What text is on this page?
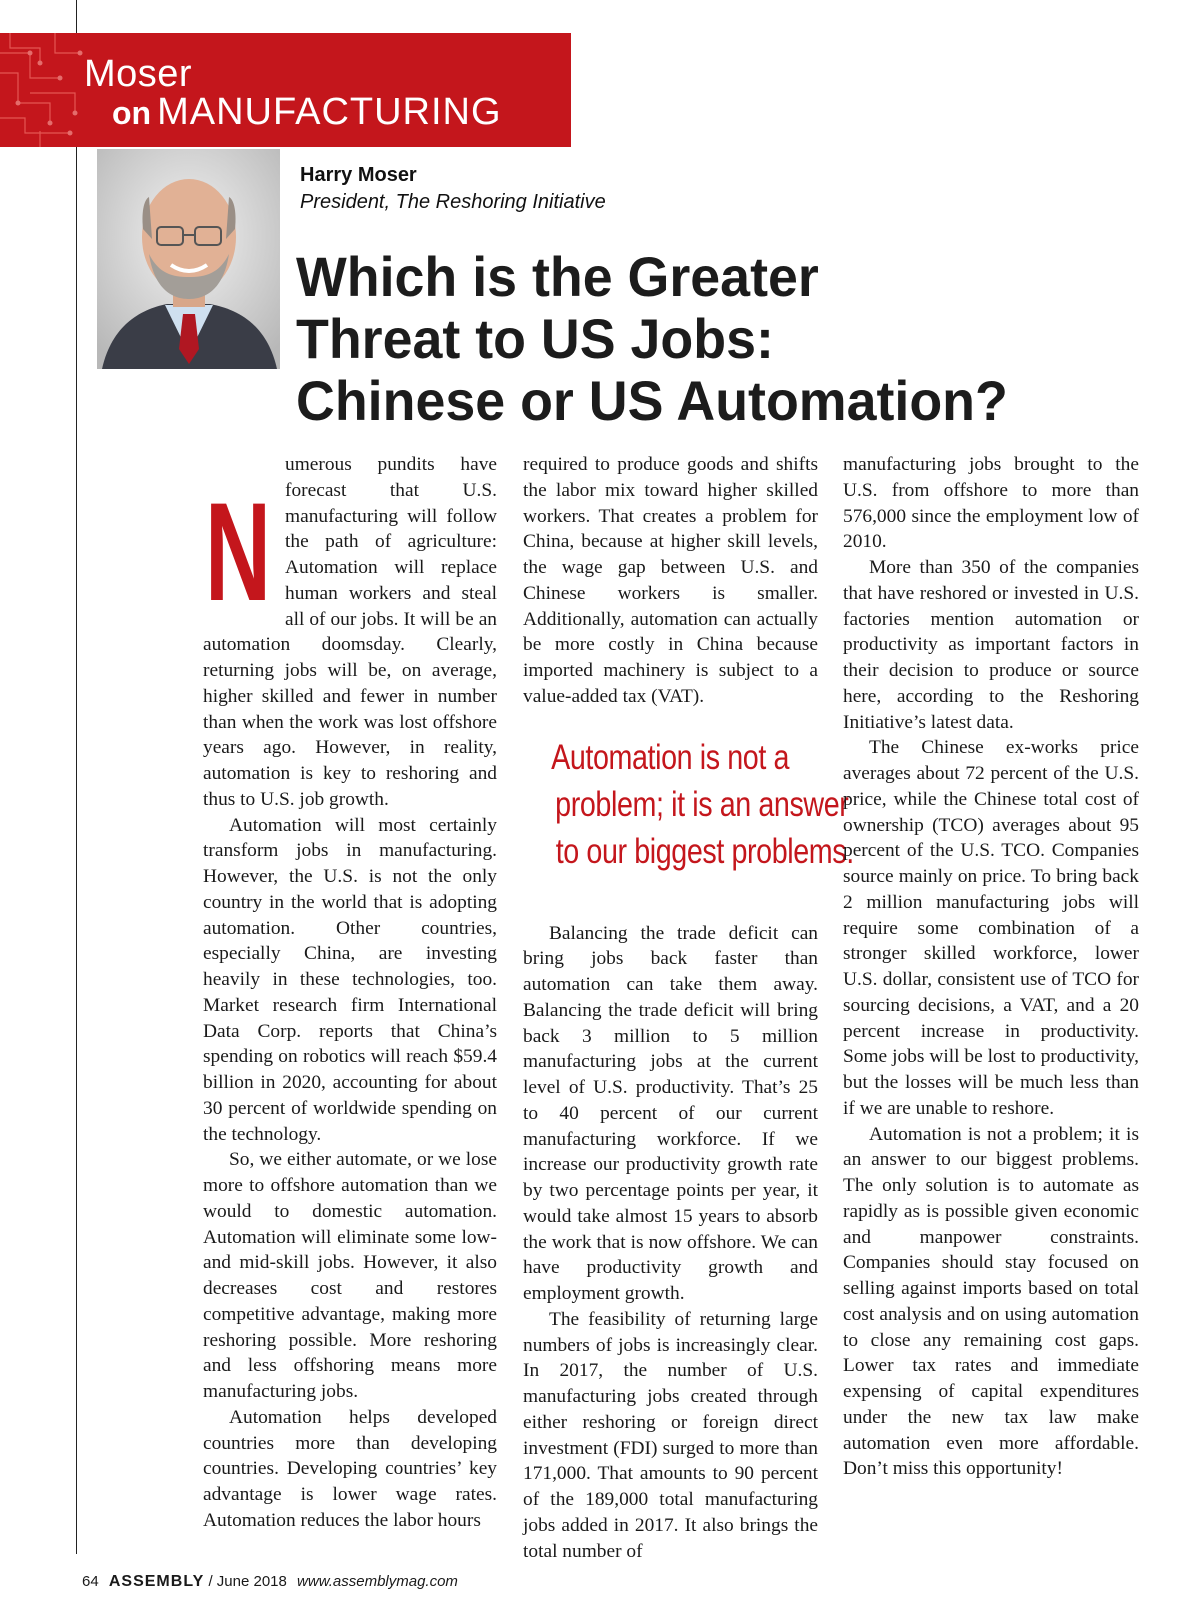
Moser
on MANUFACTURING
Harry Moser
President, The Reshoring Initiative
Which is the Greater
Threat to US Jobs:
Chinese or US Automation?
N

umerous pundits have forecast that U.S. manufacturing will follow the path of agriculture: Automation will replace human workers and steal all of our jobs. It will be an automation doomsday. Clearly, returning jobs will be, on average, higher skilled and fewer in number than when the work was lost offshore years ago. However, in reality, automation is key to reshoring and thus to U.S. job growth.

Automation will most certainly transform jobs in manufacturing. However, the U.S. is not the only country in the world that is adopting automation. Other countries, especially China, are investing heavily in these technologies, too. Market research firm International Data Corp. reports that China’s spending on robotics will reach $59.4 billion in 2020, accounting for about 30 percent of worldwide spending on the technology.

So, we either automate, or we lose more to offshore automation than we would to domestic automation. Automation will eliminate some low- and mid-skill jobs. However, it also decreases cost and restores competitive advantage, making more reshoring possible. More reshoring and less offshoring means more manufacturing jobs.

Automation helps developed countries more than developing countries. Developing countries’ key advantage is lower wage rates. Automation reduces the labor hours

required to produce goods and shifts the labor mix toward higher skilled workers. That creates a problem for China, because at higher skill levels, the wage gap between U.S. and Chinese workers is smaller. Additionally, automation can actually be more costly in China because imported machinery is subject to a value-added tax (VAT).

Automation is not a
problem; it is an answer
to our biggest problems.

Balancing the trade deficit can bring jobs back faster than automation can take them away. Balancing the trade deficit will bring back 3 million to 5 million manufacturing jobs at the current level of U.S. productivity. That’s 25 to 40 percent of our current manufacturing workforce. If we increase our productivity growth rate by two percentage points per year, it would take almost 15 years to absorb the work that is now offshore. We can have productivity growth and employment growth.

The feasibility of returning large numbers of jobs is increasingly clear. In 2017, the number of U.S. manufacturing jobs created through either reshoring or foreign direct investment (FDI) surged to more than 171,000. That amounts to 90 percent of the 189,000 total manufacturing jobs added in 2017. It also brings the total number of

manufacturing jobs brought to the U.S. from offshore to more than 576,000 since the employment low of 2010.

More than 350 of the companies that have reshored or invested in U.S. factories mention automation or productivity as important factors in their decision to produce or source here, according to the Reshoring Initiative’s latest data.

The Chinese ex-works price averages about 72 percent of the U.S. price, while the Chinese total cost of ownership (TCO) averages about 95 percent of the U.S. TCO. Companies source mainly on price. To bring back 2 million manufacturing jobs will require some combination of a stronger skilled workforce, lower U.S. dollar, consistent use of TCO for sourcing decisions, a VAT, and a 20 percent increase in productivity. Some jobs will be lost to productivity, but the losses will be much less than if we are unable to reshore.

Automation is not a problem; it is an answer to our biggest problems. The only solution is to automate as rapidly as is possible given economic and manpower constraints. Companies should stay focused on selling against imports based on total cost analysis and on using automation to close any remaining cost gaps. Lower tax rates and immediate expensing of capital expenditures under the new tax law make automation even more affordable. Don’t miss this opportunity!

64 ASSEMBLY / June 2018 www.assemblymag.com
